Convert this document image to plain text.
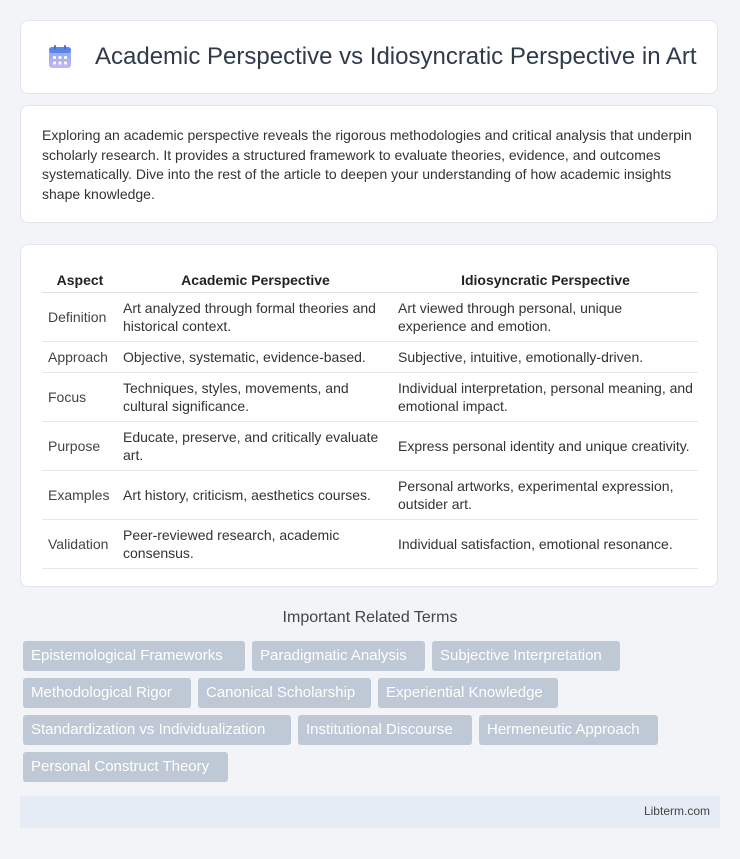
Academic Perspective vs Idiosyncratic Perspective in Art

Exploring an academic perspective reveals the rigorous methodologies and critical analysis that underpin scholarly research. It provides a structured framework to evaluate theories, evidence, and outcomes systematically. Dive into the rest of the article to deepen your understanding of how academic insights shape knowledge.

Aspect	Academic Perspective	Idiosyncratic Perspective
Definition	Art analyzed through formal theories and historical context.	Art viewed through personal, unique experience and emotion.
Approach	Objective, systematic, evidence-based.	Subjective, intuitive, emotionally-driven.
Focus	Techniques, styles, movements, and cultural significance.	Individual interpretation, personal meaning, and emotional impact.
Purpose	Educate, preserve, and critically evaluate art.	Express personal identity and unique creativity.
Examples	Art history, criticism, aesthetics courses.	Personal artworks, experimental expression, outsider art.
Validation	Peer-reviewed research, academic consensus.	Individual satisfaction, emotional resonance.
Important Related Terms
Epistemological Frameworks	Paradigmatic Analysis	Subjective Interpretation
Methodological Rigor	Canonical Scholarship	Experiential Knowledge
Standardization vs Individualization	Institutional Discourse	Hermeneutic Approach
Personal Construct Theory
Libterm.com
